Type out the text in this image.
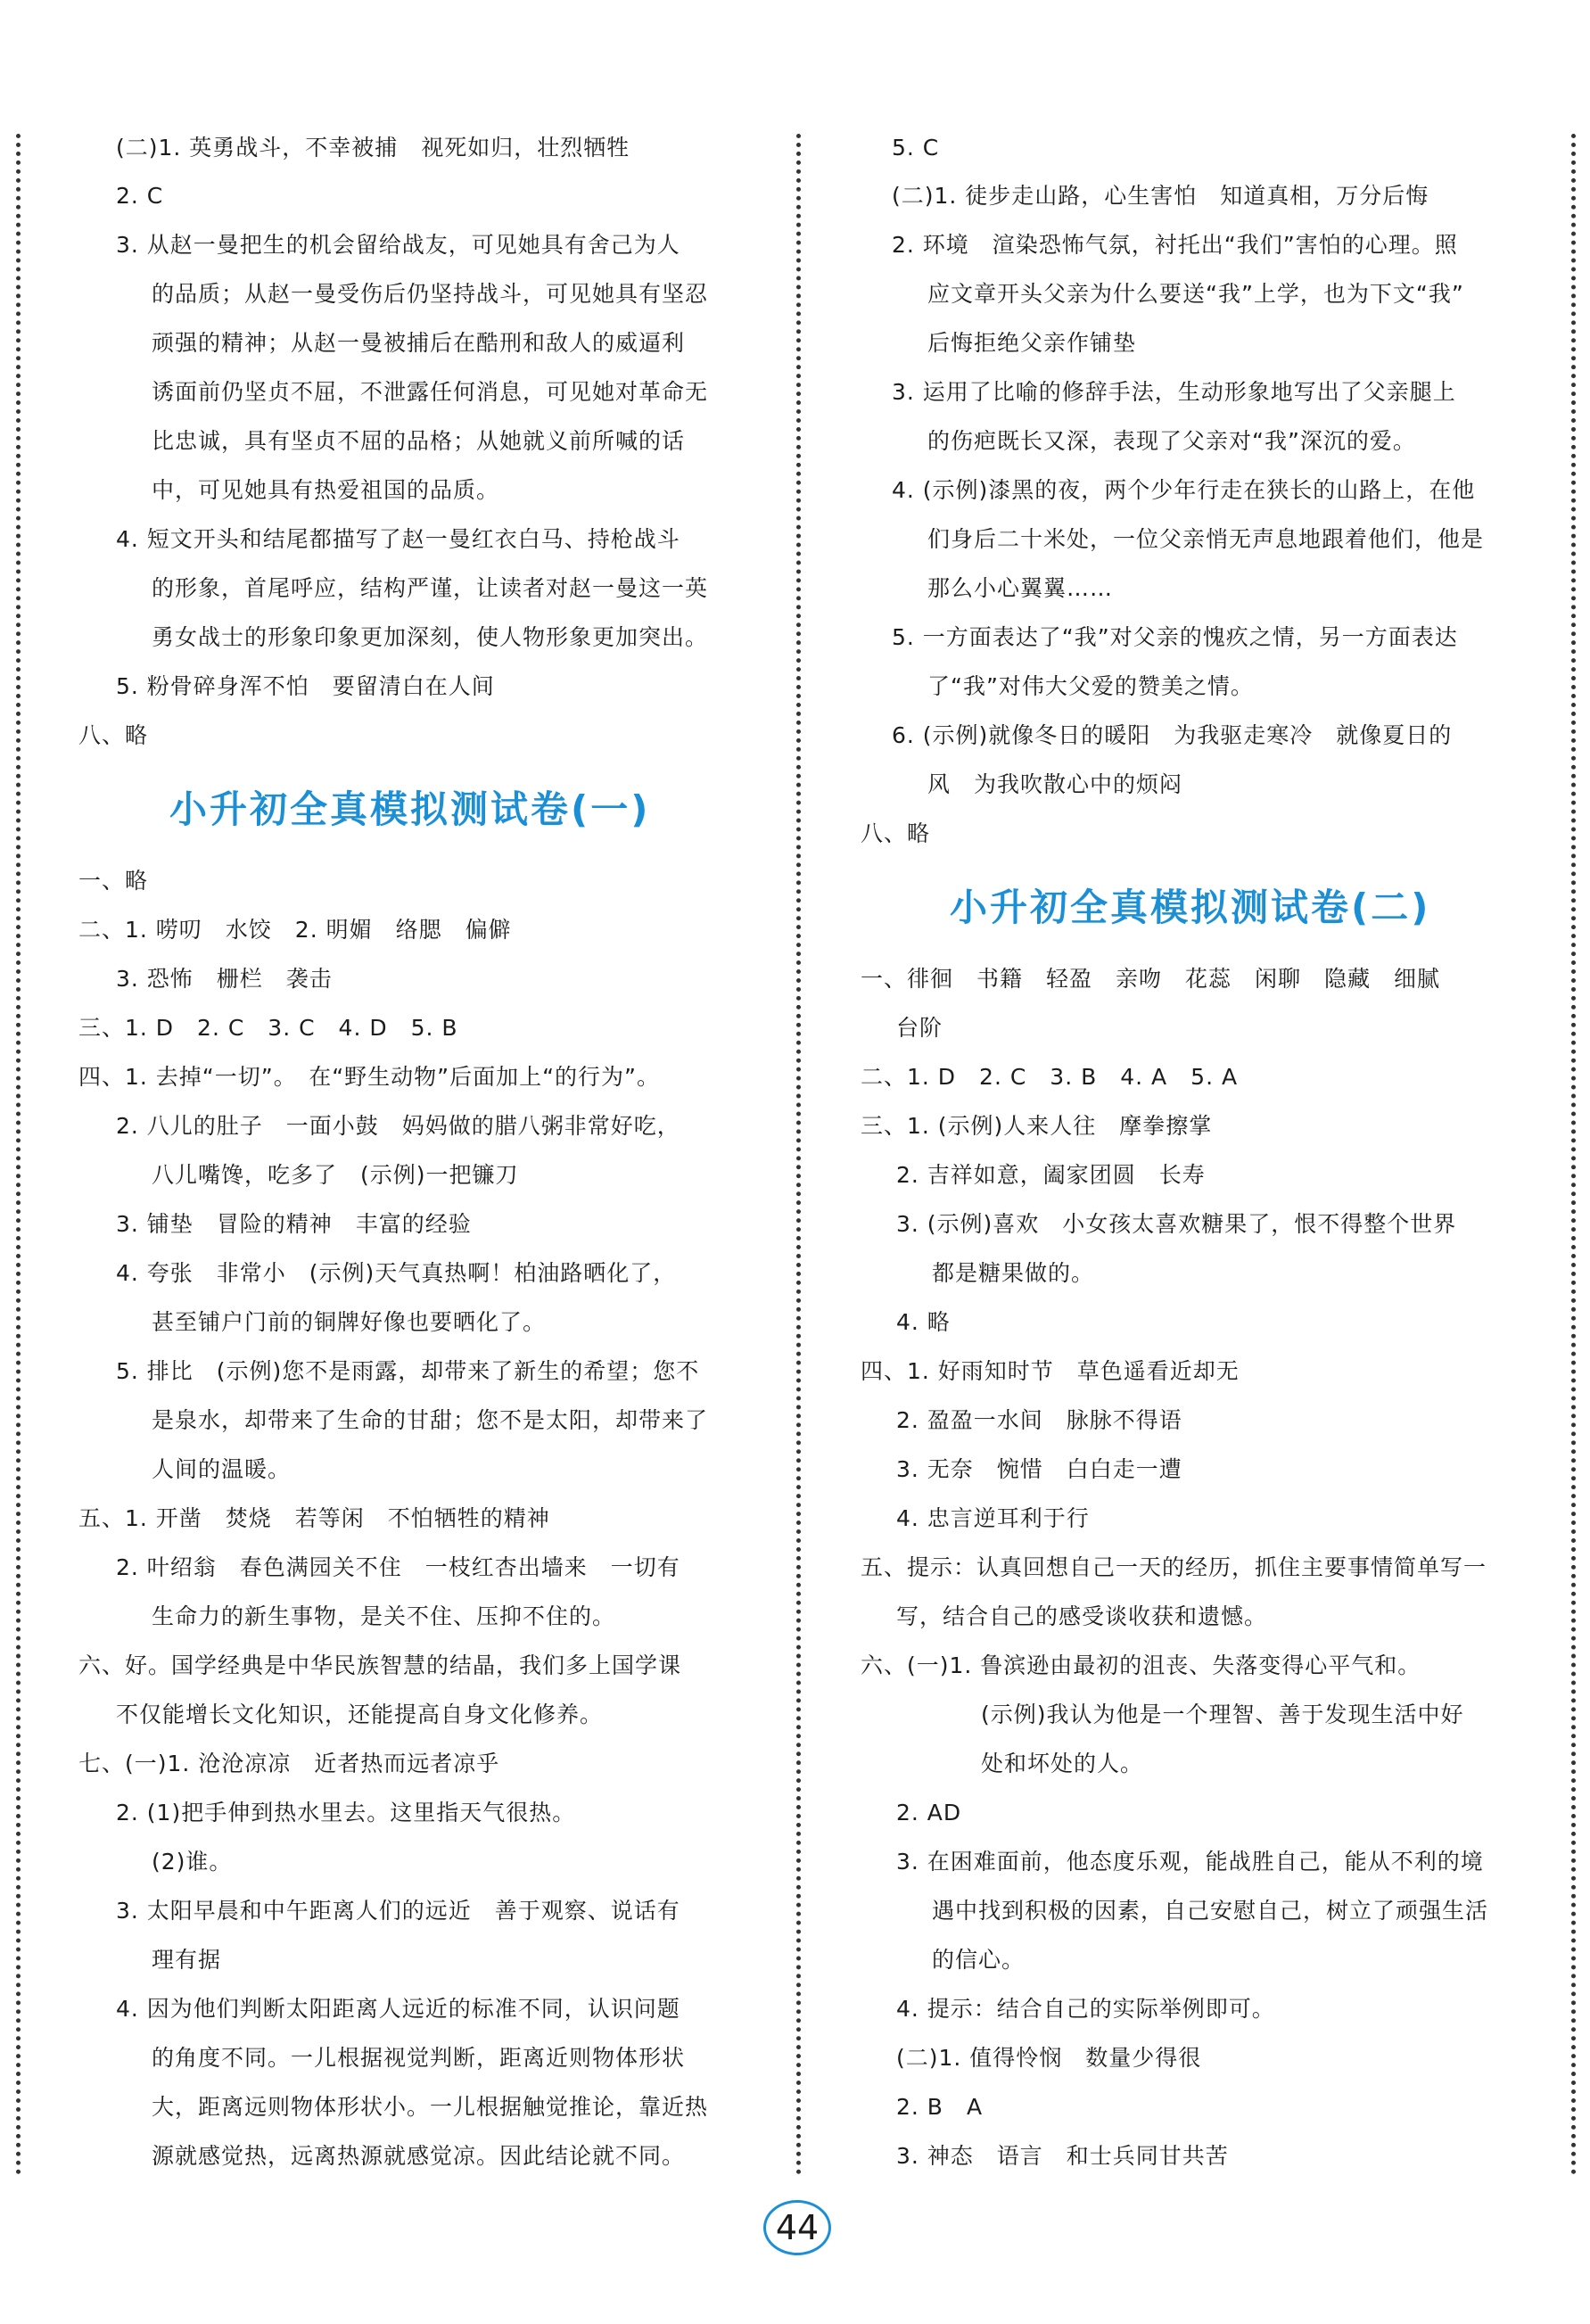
(二)1. 英勇战斗，不幸被捕　视死如归，壮烈牺牲
2. C
3. 从赵一曼把生的机会留给战友，可见她具有舍己为人
的品质；从赵一曼受伤后仍坚持战斗，可见她具有坚忍
顽强的精神；从赵一曼被捕后在酷刑和敌人的威逼利
诱面前仍坚贞不屈，不泄露任何消息，可见她对革命无
比忠诚，具有坚贞不屈的品格；从她就义前所喊的话
中，可见她具有热爱祖国的品质。
4. 短文开头和结尾都描写了赵一曼红衣白马、持枪战斗
的形象，首尾呼应，结构严谨，让读者对赵一曼这一英
勇女战士的形象印象更加深刻，使人物形象更加突出。
5. 粉骨碎身浑不怕　要留清白在人间
八、略
小升初全真模拟测试卷(一)
一、略
二、1. 唠叨　水饺　2. 明媚　络腮　偏僻
3. 恐怖　栅栏　袭击
三、1. D　2. C　3. C　4. D　5. B
四、1. 去掉“一切”。　在“野生动物”后面加上“的行为”。
2. 八儿的肚子　一面小鼓　妈妈做的腊八粥非常好吃，
八儿嘴馋，吃多了　(示例)一把镰刀
3. 铺垫　冒险的精神　丰富的经验
4. 夸张　非常小　(示例)天气真热啊！柏油路晒化了，
甚至铺户门前的铜牌好像也要晒化了。
5. 排比　(示例)您不是雨露，却带来了新生的希望；您不
是泉水，却带来了生命的甘甜；您不是太阳，却带来了
人间的温暖。
五、1. 开凿　焚烧　若等闲　不怕牺牲的精神
2. 叶绍翁　春色满园关不住　一枝红杏出墙来　一切有
生命力的新生事物，是关不住、压抑不住的。
六、好。国学经典是中华民族智慧的结晶，我们多上国学课
不仅能增长文化知识，还能提高自身文化修养。
七、(一)1. 沧沧凉凉　近者热而远者凉乎
2. (1)把手伸到热水里去。这里指天气很热。
(2)谁。
3. 太阳早晨和中午距离人们的远近　善于观察、说话有
理有据
4. 因为他们判断太阳距离人远近的标准不同，认识问题
的角度不同。一儿根据视觉判断，距离近则物体形状
大，距离远则物体形状小。一儿根据触觉推论，靠近热
源就感觉热，远离热源就感觉凉。因此结论就不同。
5. C
(二)1. 徒步走山路，心生害怕　知道真相，万分后悔
2. 环境　渲染恐怖气氛，衬托出“我们”害怕的心理。照
应文章开头父亲为什么要送“我”上学，也为下文“我”
后悔拒绝父亲作铺垫
3. 运用了比喻的修辞手法，生动形象地写出了父亲腿上
的伤疤既长又深，表现了父亲对“我”深沉的爱。
4. (示例)漆黑的夜，两个少年行走在狭长的山路上，在他
们身后二十米处，一位父亲悄无声息地跟着他们，他是
那么小心翼翼……
5. 一方面表达了“我”对父亲的愧疚之情，另一方面表达
了“我”对伟大父爱的赞美之情。
6. (示例)就像冬日的暖阳　为我驱走寒冷　就像夏日的
风　为我吹散心中的烦闷
八、略
小升初全真模拟测试卷(二)
一、徘徊　书籍　轻盈　亲吻　花蕊　闲聊　隐藏　细腻
台阶
二、1. D　2. C　3. B　4. A　5. A
三、1. (示例)人来人往　摩拳擦掌
2. 吉祥如意，阖家团圆　长寿
3. (示例)喜欢　小女孩太喜欢糖果了，恨不得整个世界
都是糖果做的。
4. 略
四、1. 好雨知时节　草色遥看近却无
2. 盈盈一水间　脉脉不得语
3. 无奈　惋惜　白白走一遭
4. 忠言逆耳利于行
五、提示：认真回想自己一天的经历，抓住主要事情简单写一
写，结合自己的感受谈收获和遗憾。
六、(一)1. 鲁滨逊由最初的沮丧、失落变得心平气和。
(示例)我认为他是一个理智、善于发现生活中好
处和坏处的人。
2. AD
3. 在困难面前，他态度乐观，能战胜自己，能从不利的境
遇中找到积极的因素，自己安慰自己，树立了顽强生活
的信心。
4. 提示：结合自己的实际举例即可。
(二)1. 值得怜悯　数量少得很
2. B　A
3. 神态　语言　和士兵同甘共苦
44
